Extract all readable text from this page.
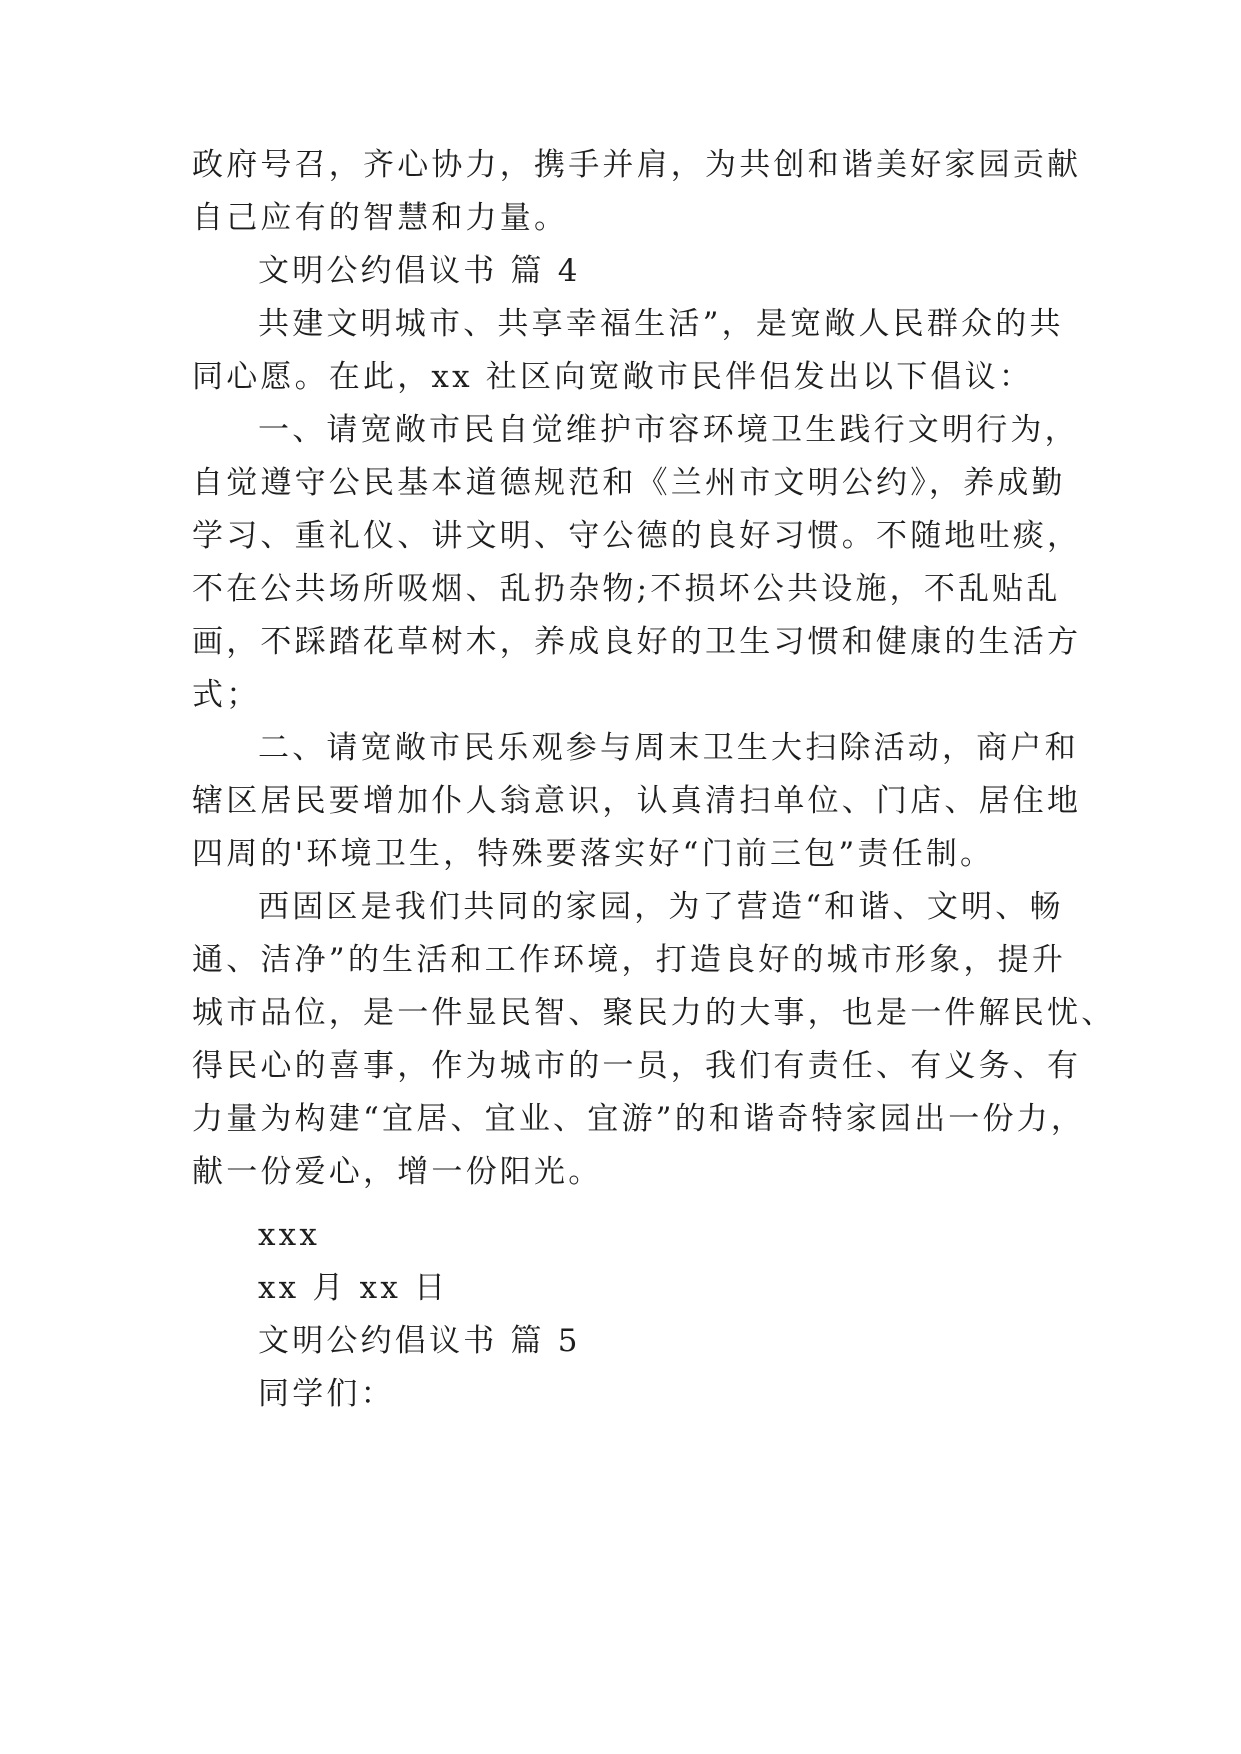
政府号召，齐心协力，携手并肩，为共创和谐美好家园贡献
自己应有的智慧和力量。
文明公约倡议书 篇 4
共建文明城市、共享幸福生活”，是宽敞人民群众的共
同心愿。在此，xx 社区向宽敞市民伴侣发出以下倡议：
一、请宽敞市民自觉维护市容环境卫生践行文明行为，
自觉遵守公民基本道德规范和《兰州市文明公约》，养成勤
学习、重礼仪、讲文明、守公德的良好习惯。不随地吐痰，
不在公共场所吸烟、乱扔杂物;不损坏公共设施，不乱贴乱
画，不踩踏花草树木，养成良好的卫生习惯和健康的生活方
式；
二、请宽敞市民乐观参与周末卫生大扫除活动，商户和
辖区居民要增加仆人翁意识，认真清扫单位、门店、居住地
四周的'环境卫生，特殊要落实好“门前三包”责任制。
西固区是我们共同的家园，为了营造“和谐、文明、畅
通、洁净”的生活和工作环境，打造良好的城市形象，提升
城市品位，是一件显民智、聚民力的大事，也是一件解民忧、
得民心的喜事，作为城市的一员，我们有责任、有义务、有
力量为构建“宜居、宜业、宜游”的和谐奇特家园出一份力，
献一份爱心，增一份阳光。
xxx
xx 月 xx 日
文明公约倡议书 篇 5
同学们：
